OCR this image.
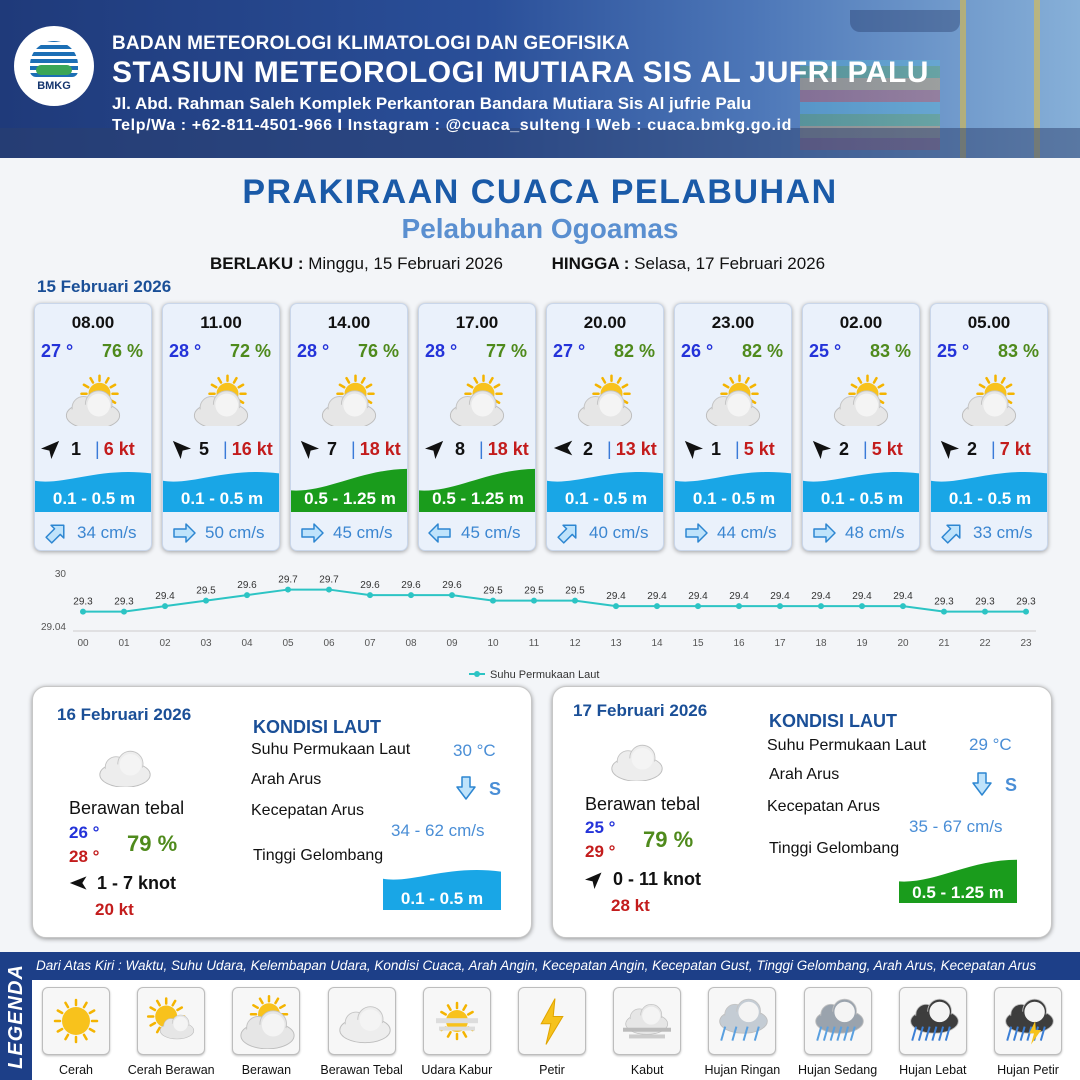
BMKG
BADAN METEOROLOGI KLIMATOLOGI DAN GEOFISIKA
STASIUN METEOROLOGI MUTIARA SIS AL JUFRI PALU
Jl. Abd. Rahman Saleh Komplek Perkantoran Bandara Mutiara Sis Al jufrie Palu
Telp/Wa : +62-811-4501-966 I Instagram : @cuaca_sulteng I Web : cuaca.bmkg.go.id
PRAKIRAAN CUACA PELABUHAN
Pelabuhan Ogoamas
BERLAKU : Minggu, 15 Februari 2026	HINGGA : Selasa, 17 Februari 2026
15 Februari 2026
08.00
27 ° 76 %
1 | 6 kt
0.1 - 0.5 m
34 cm/s
11.00
28 ° 72 %
5 | 16 kt
0.1 - 0.5 m
50 cm/s
14.00
28 ° 76 %
7 | 18 kt
0.5 - 1.25 m
45 cm/s
17.00
28 ° 77 %
8 | 18 kt
0.5 - 1.25 m
45 cm/s
20.00
27 ° 82 %
2 | 13 kt
0.1 - 0.5 m
40 cm/s
23.00
26 ° 82 %
1 | 5 kt
0.1 - 0.5 m
44 cm/s
02.00
25 ° 83 %
2 | 5 kt
0.1 - 0.5 m
48 cm/s
05.00
25 ° 83 %
2 | 7 kt
0.1 - 0.5 m
33 cm/s
30
29.04
29.3
00
29.3
01
29.4
02
29.5
03
29.6
04
29.7
05
29.7
06
29.6
07
29.6
08
29.6
09
29.5
10
29.5
11
29.5
12
29.4
13
29.4
14
29.4
15
29.4
16
29.4
17
29.4
18
29.4
19
29.4
20
29.3
21
29.3
22
29.3
23
Suhu Permukaan Laut
16 Februari 2026
KONDISI LAUT
Berawan tebal
26 °
28 °
79 %
1 - 7 knot
20 kt
Suhu Permukaan Laut	30 °C
Arah Arus	S
Kecepatan Arus
34 - 62 cm/s
Tinggi Gelombang
0.1 - 0.5 m
17 Februari 2026
KONDISI LAUT
Berawan tebal
25 °
29 ° 79 %
0 - 11 knot
28 kt
Suhu Permukaan Laut	29 °C
Arah Arus
S
Kecepatan Arus
35 - 67 cm/s
Tinggi Gelombang
0.5 - 1.25 m
LEGENDA Dari Atas Kiri : Waktu, Suhu Udara, Kelembapan Udara, Kondisi Cuaca, Arah Angin, Kecepatan Angin, Kecepatan Gust, Tinggi Gelombang, Arah Arus, Kecepatan Arus
Cerah	Cerah Berawan	Berawan	Berawan Tebal	Udara Kabur	Petir	Kabut	Hujan Ringan	Hujan Sedang	Hujan Lebat	Hujan Petir
